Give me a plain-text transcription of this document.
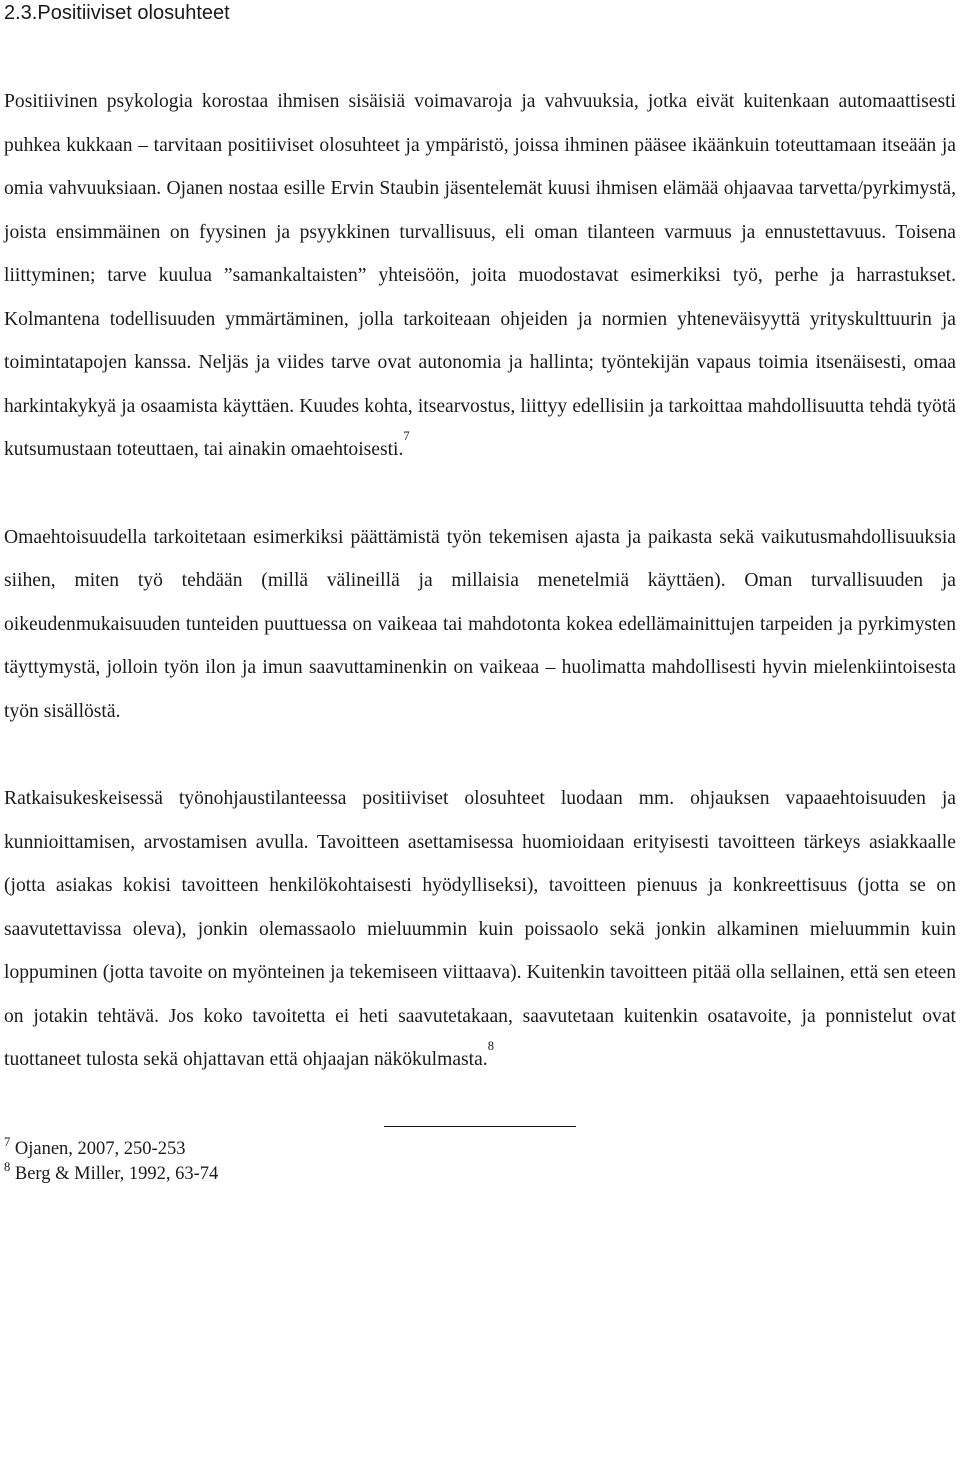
2.3.Positiiviset olosuhteet

Positiivinen psykologia korostaa ihmisen sisäisiä voimavaroja ja vahvuuksia, jotka eivät kuitenkaan automaattisesti puhkea kukkaan – tarvitaan positiiviset olosuhteet ja ympäristö, joissa ihminen pääsee ikäänkuin toteuttamaan itseään ja omia vahvuuksiaan. Ojanen nostaa esille Ervin Staubin jäsentelemät kuusi ihmisen elämää ohjaavaa tarvetta/pyrkimystä, joista ensimmäinen on fyysinen ja psyykkinen turvallisuus, eli oman tilanteen varmuus ja ennustettavuus. Toisena liittyminen; tarve kuulua ”samankaltaisten” yhteisöön, joita muodostavat esimerkiksi työ, perhe ja harrastukset. Kolmantena todellisuuden ymmärtäminen, jolla tarkoiteaan ohjeiden ja normien yhteneväisyyttä yrityskulttuurin ja toimintatapojen kanssa. Neljäs ja viides tarve ovat autonomia ja hallinta; työntekijän vapaus toimia itsenäisesti, omaa harkintakykyä ja osaamista käyttäen. Kuudes kohta, itsearvostus, liittyy edellisiin ja tarkoittaa mahdollisuutta tehdä työtä kutsumustaan toteuttaen, tai ainakin omaehtoisesti.$^7$

Omaehtoisuudella tarkoitetaan esimerkiksi päättämistä työn tekemisen ajasta ja paikasta sekä vaikutusmahdollisuuksia siihen, miten työ tehdään (millä välineillä ja millaisia menetelmiä käyttäen). Oman turvallisuuden ja oikeudenmukaisuuden tunteiden puuttuessa on vaikeaa tai mahdotonta kokea edellämainittujen tarpeiden ja pyrkimysten täyttymystä, jolloin työn ilon ja imun saavuttaminenkin on vaikeaa – huolimatta mahdollisesti hyvin mielenkiintoisesta työn sisällöstä.

Ratkaisukeskeisessä työnohjaustilanteessa positiiviset olosuhteet luodaan mm. ohjauksen vapaaehtoisuuden ja kunnioittamisen, arvostamisen avulla. Tavoitteen asettamisessa huomioidaan erityisesti tavoitteen tärkeys asiakkaalle (jotta asiakas kokisi tavoitteen henkilökohtaisesti hyödylliseksi), tavoitteen pienuus ja konkreettisuus (jotta se on saavutettavissa oleva), jonkin olemassaolo mieluummin kuin poissaolo sekä jonkin alkaminen mieluummin kuin loppuminen (jotta tavoite on myönteinen ja tekemiseen viittaava). Kuitenkin tavoitteen pitää olla sellainen, että sen eteen on jotakin tehtävä. Jos koko tavoitetta ei heti saavutetakaan, saavutetaan kuitenkin osatavoite, ja ponnistelut ovat tuottaneet tulosta sekä ohjattavan että ohjaajan näkökulmasta.$^8$

$^7$ Ojanen, 2007, 250-253

$^8$ Berg & Miller, 1992, 63-74
